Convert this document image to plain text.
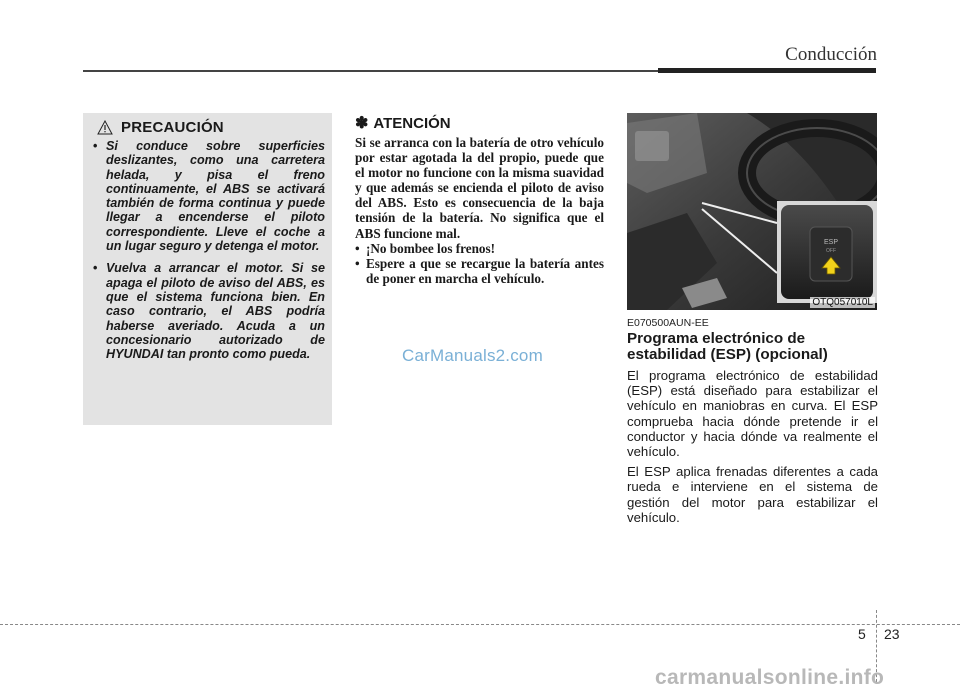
Conducción
PRECAUCIÓN
• Si conduce sobre superficies deslizantes, como una carretera helada, y pisa el freno continuamente, el ABS se activará también de forma continua y puede llegar a encenderse el piloto correspondiente. Lleve el coche a un lugar seguro y detenga el motor.
• Vuelva a arrancar el motor. Si se apaga el piloto de aviso del ABS, es que el sistema funciona bien. En caso contrario, el ABS podría haberse averiado. Acuda a un concesionario autorizado de HYUNDAI tan pronto como pueda.
✽ ATENCIÓN

Si se arranca con la batería de otro vehículo por estar agotada la del propio, puede que el motor no funcione con la misma suavidad y que además se encienda el piloto de aviso del ABS. Esto es consecuencia de la baja tensión de la batería. No significa que el ABS funcione mal.

• ¡No bombee los frenos!
• Espere a que se recargue la batería antes de poner en marcha el vehículo.
CarManuals2.com
ESP
OFF
OTQ057010L
E070500AUN-EE
Programa electrónico de estabilidad (ESP) (opcional)

El programa electrónico de estabilidad (ESP) está diseñado para estabilizar el vehículo en maniobras en curva. El ESP comprueba hacia dónde pretende ir el conductor y hacia dónde va realmente el vehículo.

El ESP aplica frenadas diferentes a cada rueda e interviene en el sistema de gestión del motor para estabilizar el vehículo.

5 23
carmanualsonline.info
